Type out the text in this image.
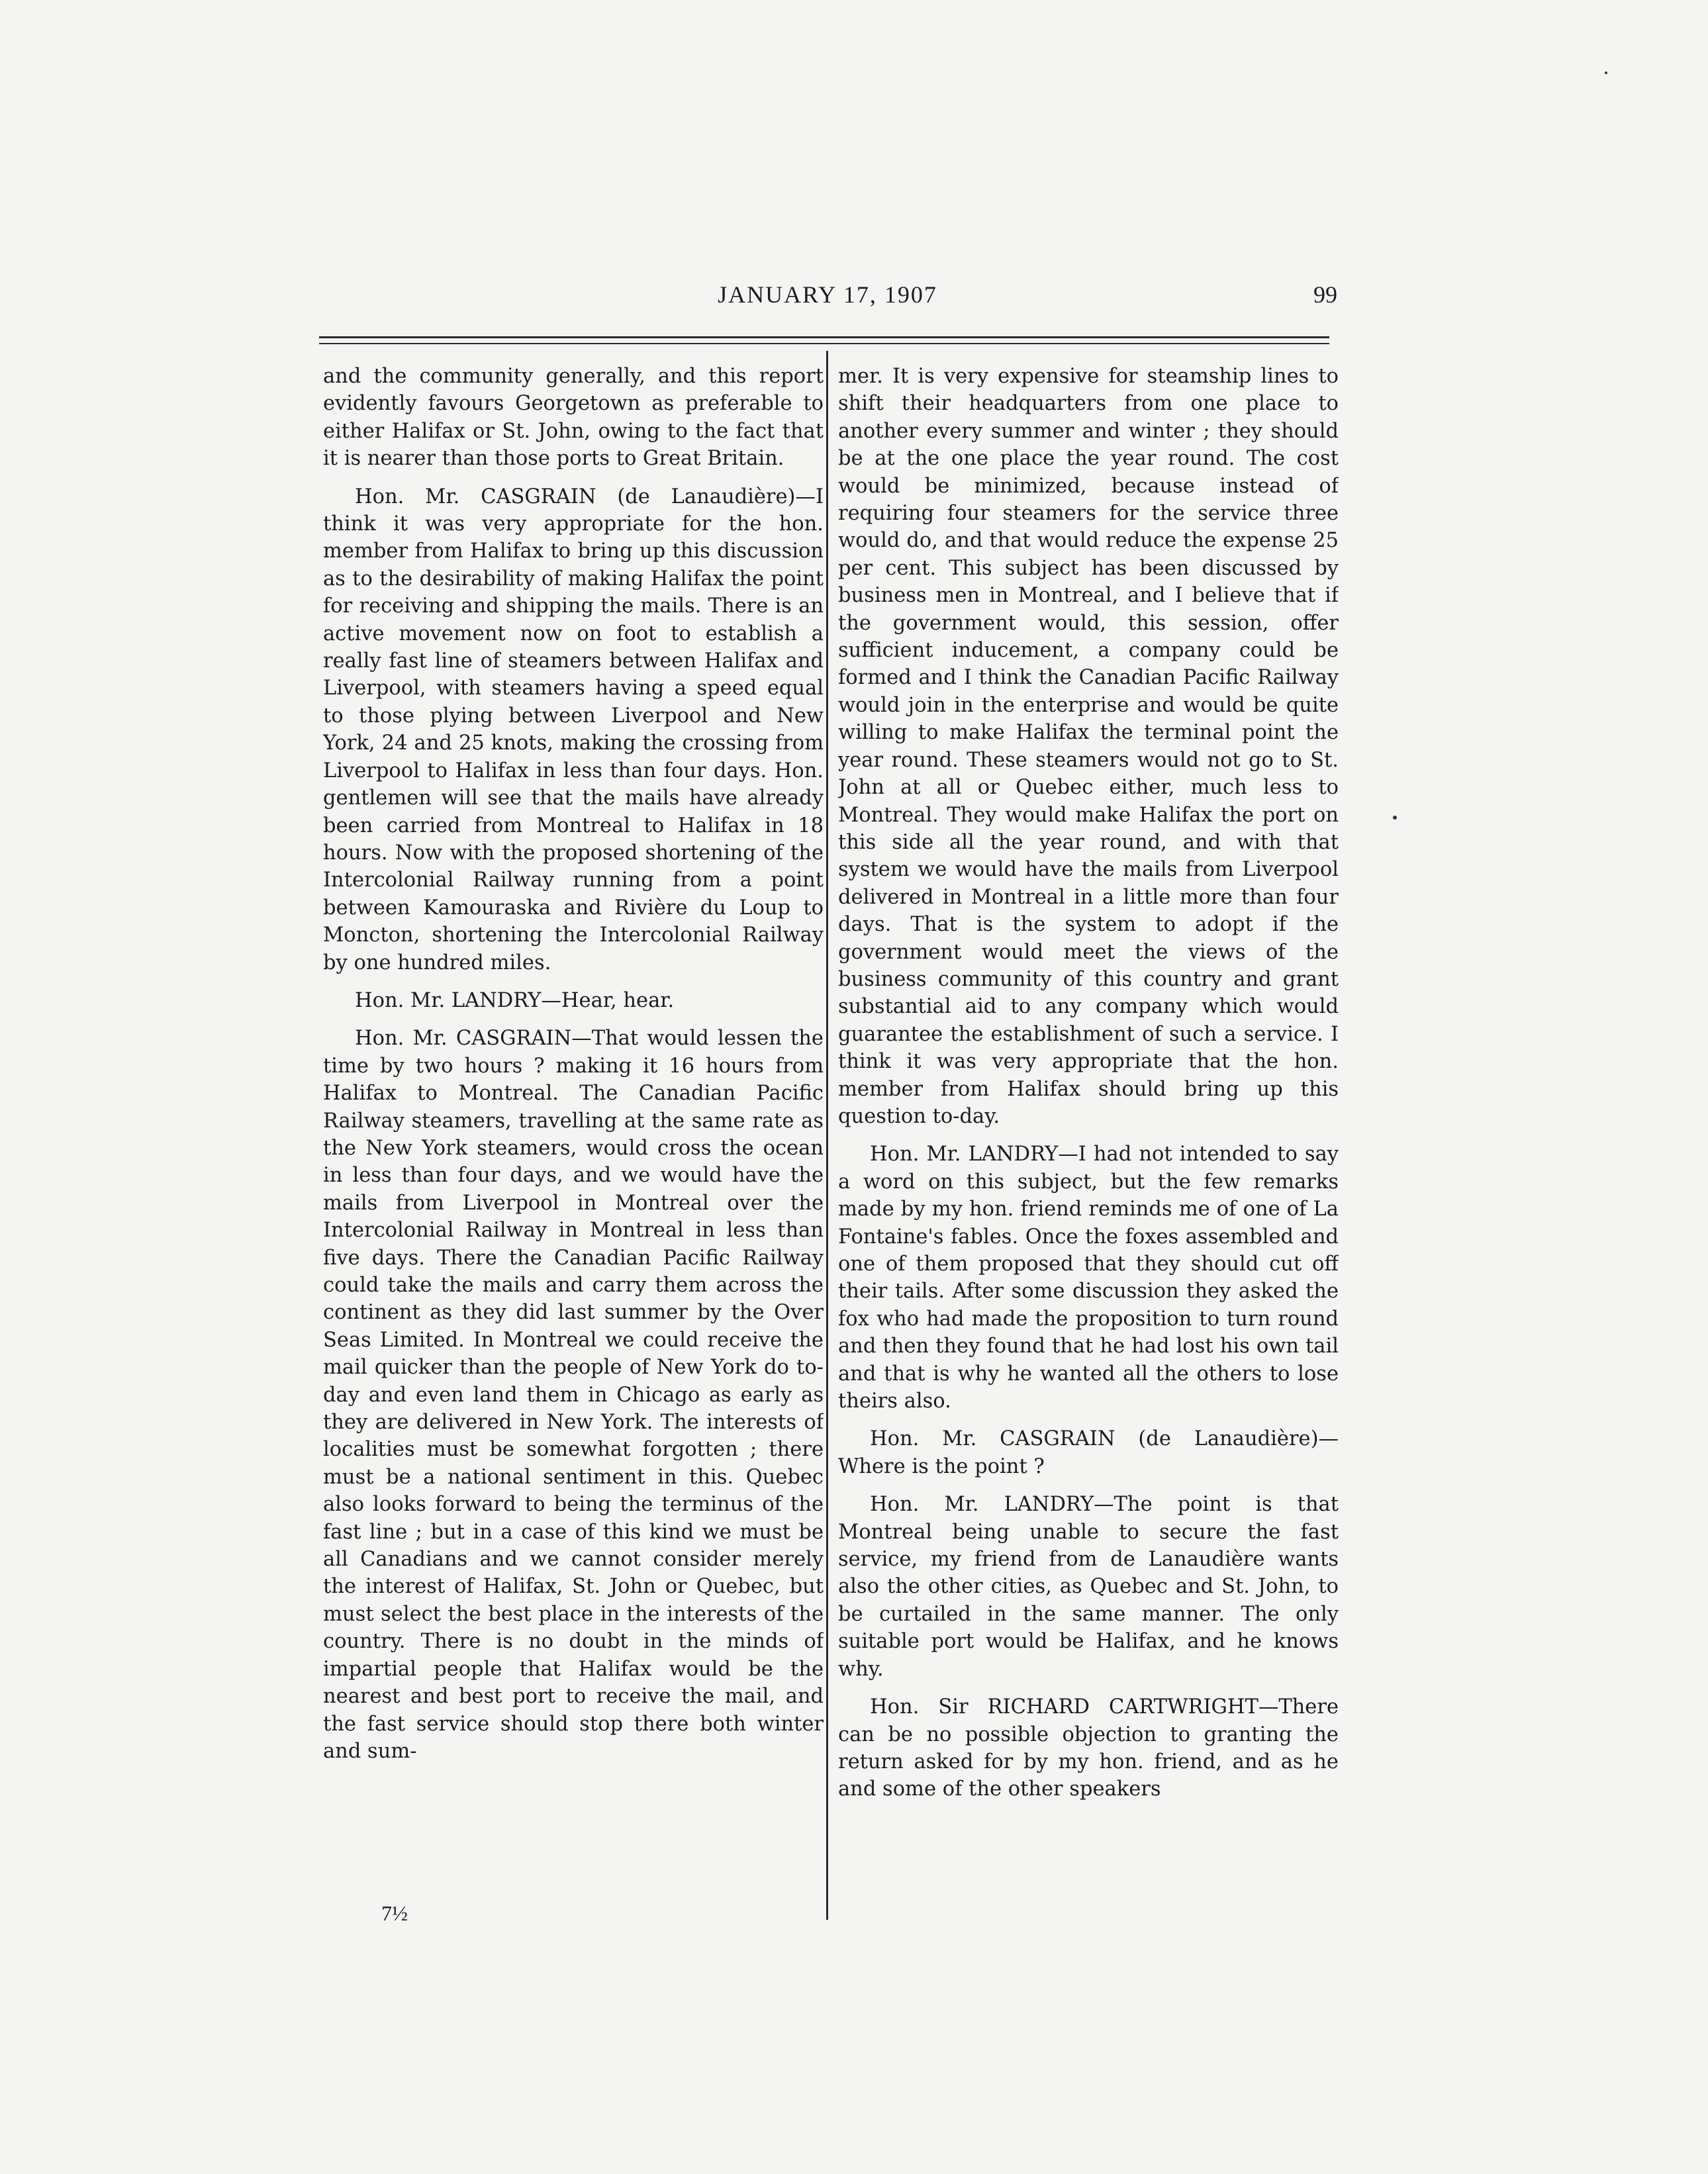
JANUARY 17, 1907	99

and the community generally, and this report evidently favours Georgetown as preferable to either Halifax or St. John, owing to the fact that it is nearer than those ports to Great Britain.

Hon. Mr. CASGRAIN (de Lanaudière)—I think it was very appropriate for the hon. member from Halifax to bring up this discussion as to the desirability of making Halifax the point for receiving and shipping the mails. There is an active movement now on foot to establish a really fast line of steamers between Halifax and Liverpool, with steamers having a speed equal to those plying between Liverpool and New York, 24 and 25 knots, making the crossing from Liverpool to Halifax in less than four days. Hon. gentlemen will see that the mails have already been carried from Montreal to Halifax in 18 hours. Now with the proposed shortening of the Intercolonial Railway running from a point between Kamouraska and Rivière du Loup to Moncton, shortening the Intercolonial Railway by one hundred miles.

Hon. Mr. LANDRY—Hear, hear.

Hon. Mr. CASGRAIN—That would lessen the time by two hours ? making it 16 hours from Halifax to Montreal. The Canadian Pacific Railway steamers, travelling at the same rate as the New York steamers, would cross the ocean in less than four days, and we would have the mails from Liverpool in Montreal over the Intercolonial Railway in Montreal in less than five days. There the Canadian Pacific Railway could take the mails and carry them across the continent as they did last summer by the Over Seas Limited. In Montreal we could receive the mail quicker than the people of New York do to-day and even land them in Chicago as early as they are delivered in New York. The interests of localities must be somewhat forgotten ; there must be a national sentiment in this. Quebec also looks forward to being the terminus of the fast line ; but in a case of this kind we must be all Canadians and we cannot consider merely the interest of Halifax, St. John or Quebec, but must select the best place in the interests of the country. There is no doubt in the minds of impartial people that Halifax would be the nearest and best port to receive the mail, and the fast service should stop there both winter and sum-

mer. It is very expensive for steamship lines to shift their headquarters from one place to another every summer and winter ; they should be at the one place the year round. The cost would be minimized, because instead of requiring four steamers for the service three would do, and that would reduce the expense 25 per cent. This subject has been discussed by business men in Montreal, and I believe that if the government would, this session, offer sufficient inducement, a company could be formed and I think the Canadian Pacific Railway would join in the enterprise and would be quite willing to make Halifax the terminal point the year round. These steamers would not go to St. John at all or Quebec either, much less to Montreal. They would make Halifax the port on this side all the year round, and with that system we would have the mails from Liverpool delivered in Montreal in a little more than four days. That is the system to adopt if the government would meet the views of the business community of this country and grant substantial aid to any company which would guarantee the establishment of such a service. I think it was very appropriate that the hon. member from Halifax should bring up this question to-day.

Hon. Mr. LANDRY—I had not intended to say a word on this subject, but the few remarks made by my hon. friend reminds me of one of La Fontaine's fables. Once the foxes assembled and one of them proposed that they should cut off their tails. After some discussion they asked the fox who had made the proposition to turn round and then they found that he had lost his own tail and that is why he wanted all the others to lose theirs also.

Hon. Mr. CASGRAIN (de Lanaudière)—Where is the point ?

Hon. Mr. LANDRY—The point is that Montreal being unable to secure the fast service, my friend from de Lanaudière wants also the other cities, as Quebec and St. John, to be curtailed in the same manner. The only suitable port would be Halifax, and he knows why.

Hon. Sir RICHARD CARTWRIGHT—There can be no possible objection to granting the return asked for by my hon. friend, and as he and some of the other speakers

7½
